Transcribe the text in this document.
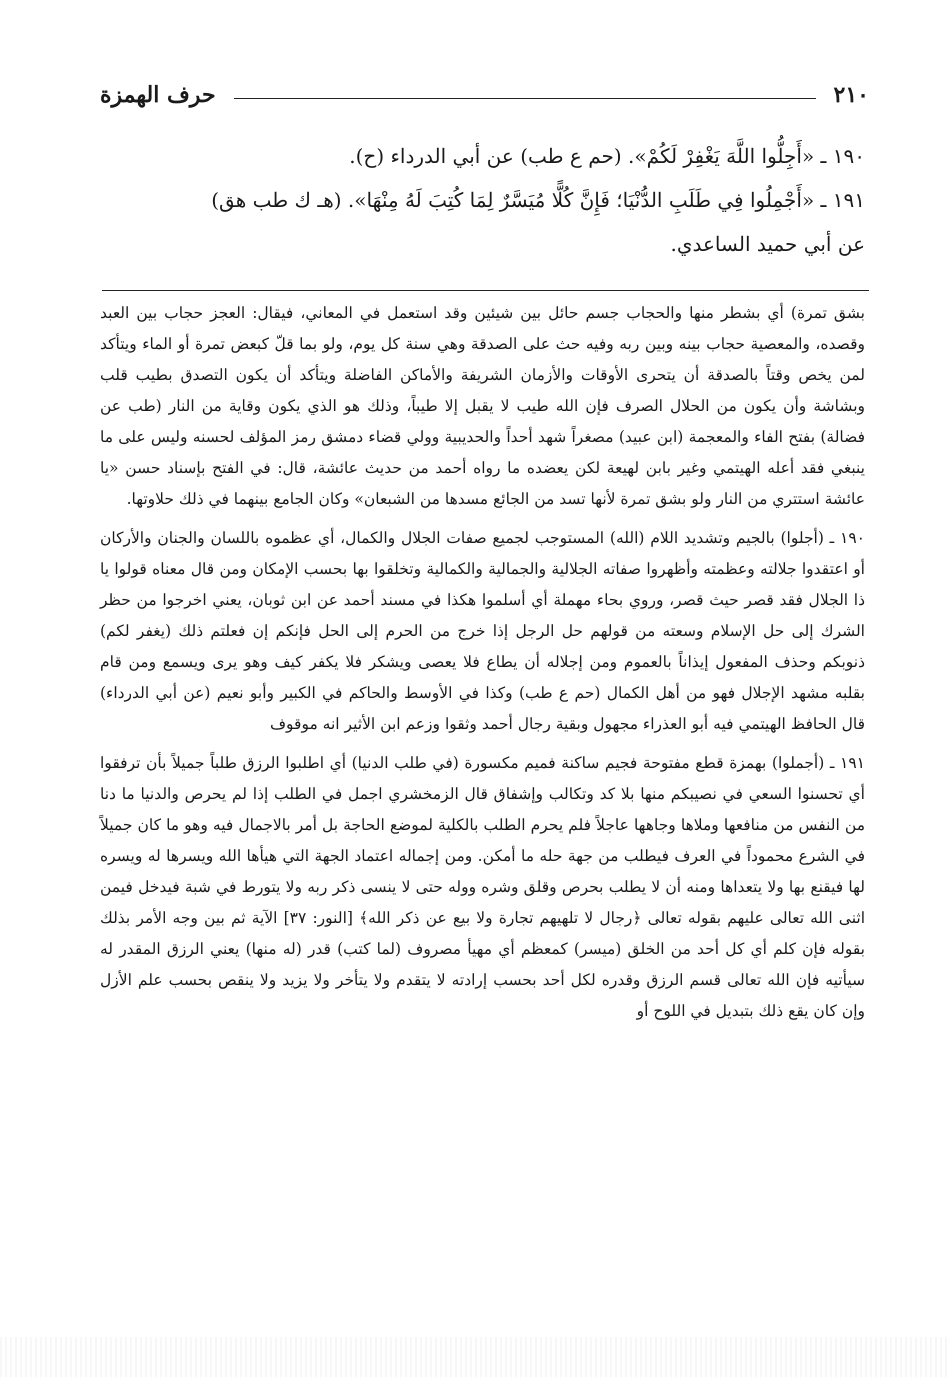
٢١٠
حرف الهمزة
١٩٠ ـ «أَجِلُّوا اللَّهَ يَغْفِرْ لَكُمْ». (حم ع طب) عن أبي الدرداء (ح).
١٩١ ـ «أَجْمِلُوا فِي طَلَبِ الدُّنْيَا؛ فَإِنَّ كُلًّا مُيَسَّرٌ لِمَا كُتِبَ لَهُ مِنْهَا». (هـ ك طب هق)
عن أبي حميد الساعدي.

بشق تمرة) أي بشطر منها والحجاب جسم حائل بين شيئين وقد استعمل في المعاني، فيقال: العجز حجاب بين العبد وقصده، والمعصية حجاب بينه وبين ربه وفيه حث على الصدقة وهي سنة كل يوم، ولو بما قلّ كبعض تمرة أو الماء ويتأكد لمن يخص وقتاً بالصدقة أن يتحرى الأوقات والأزمان الشريفة والأماكن الفاضلة ويتأكد أن يكون التصدق بطيب قلب وبشاشة وأن يكون من الحلال الصرف فإن الله طيب لا يقبل إلا طيباً، وذلك هو الذي يكون وقاية من النار (طب عن فضالة) بفتح الفاء والمعجمة (ابن عبيد) مصغراً شهد أحداً والحديبية وولي قضاء دمشق رمز المؤلف لحسنه وليس على ما ينبغي فقد أعله الهيتمي وغير بابن لهيعة لكن يعضده ما رواه أحمد من حديث عائشة، قال: في الفتح بإسناد حسن «يا عائشة استتري من النار ولو بشق تمرة لأنها تسد من الجائع مسدها من الشبعان» وكان الجامع بينهما في ذلك حلاوتها.

١٩٠ ـ (أجلوا) بالجيم وتشديد اللام (الله) المستوجب لجميع صفات الجلال والكمال، أي عظموه باللسان والجنان والأركان أو اعتقدوا جلالته وعظمته وأظهروا صفاته الجلالية والجمالية والكمالية وتخلقوا بها بحسب الإمكان ومن قال معناه قولوا يا ذا الجلال فقد قصر حيث قصر، وروي بحاء مهملة أي أسلموا هكذا في مسند أحمد عن ابن ثوبان، يعني اخرجوا من حظر الشرك إلى حل الإسلام وسعته من قولهم حل الرجل إذا خرج من الحرم إلى الحل فإنكم إن فعلتم ذلك (يغفر لكم) ذنوبكم وحذف المفعول إيذاناً بالعموم ومن إجلاله أن يطاع فلا يعصى ويشكر فلا يكفر كيف وهو يرى ويسمع ومن قام بقلبه مشهد الإجلال فهو من أهل الكمال (حم ع طب) وكذا في الأوسط والحاكم في الكبير وأبو نعيم (عن أبي الدرداء) قال الحافظ الهيتمي فيه أبو العذراء مجهول وبقية رجال أحمد وثقوا وزعم ابن الأثير انه موقوف

١٩١ ـ (أجملوا) بهمزة قطع مفتوحة فجيم ساكنة فميم مكسورة (في طلب الدنيا) أي اطلبوا الرزق طلباً جميلاً بأن ترفقوا أي تحسنوا السعي في نصيبكم منها بلا كد وتكالب وإشفاق قال الزمخشري اجمل في الطلب إذا لم يحرص والدنيا ما دنا من النفس من منافعها وملاها وجاهها عاجلاً فلم يحرم الطلب بالكلية لموضع الحاجة بل أمر بالاجمال فيه وهو ما كان جميلاً في الشرع محموداً في العرف فيطلب من جهة حله ما أمكن. ومن إجماله اعتماد الجهة التي هيأها الله ويسرها له ويسره لها فيقنع بها ولا يتعداها ومنه أن لا يطلب بحرص وقلق وشره ووله حتى لا ينسى ذكر ربه ولا يتورط في شبة فيدخل فيمن اثنى الله تعالى عليهم بقوله تعالى ﴿رجال لا تلهيهم تجارة ولا بيع عن ذكر الله﴾ [النور: ٣٧] الآية ثم بين وجه الأمر بذلك بقوله فإن كلم أي كل أحد من الخلق (ميسر) كمعظم أي مهيأ مصروف (لما كتب) قدر (له منها) يعني الرزق المقدر له سيأتيه فإن الله تعالى قسم الرزق وقدره لكل أحد بحسب إرادته لا يتقدم ولا يتأخر ولا يزيد ولا ينقص بحسب علم الأزل وإن كان يقع ذلك بتبديل في اللوح أو
